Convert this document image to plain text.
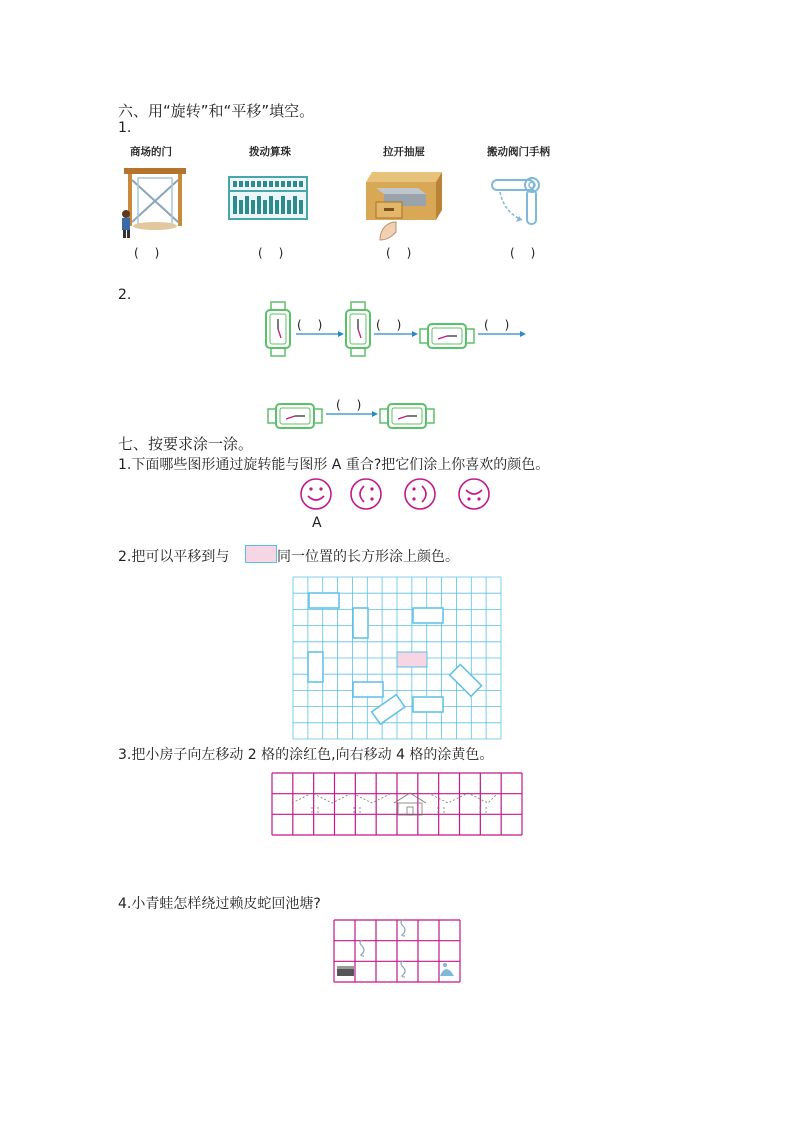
六、用“旋转”和“平移”填空。
1.
商场的门	拨动算珠	拉开抽屉	搬动阀门手柄
(　)	(　)	(　)	(　)
2.
(　)	(　)	(　)
(　)
七、按要求涂一涂。
1.下面哪些图形通过旋转能与图形 A 重合?把它们涂上你喜欢的颜色。
A
2.把可以平移到与	同一位置的长方形涂上颜色。
3.把小房子向左移动 2 格的涂红色,向右移动 4 格的涂黄色。
4.小青蛙怎样绕过赖皮蛇回池塘?
